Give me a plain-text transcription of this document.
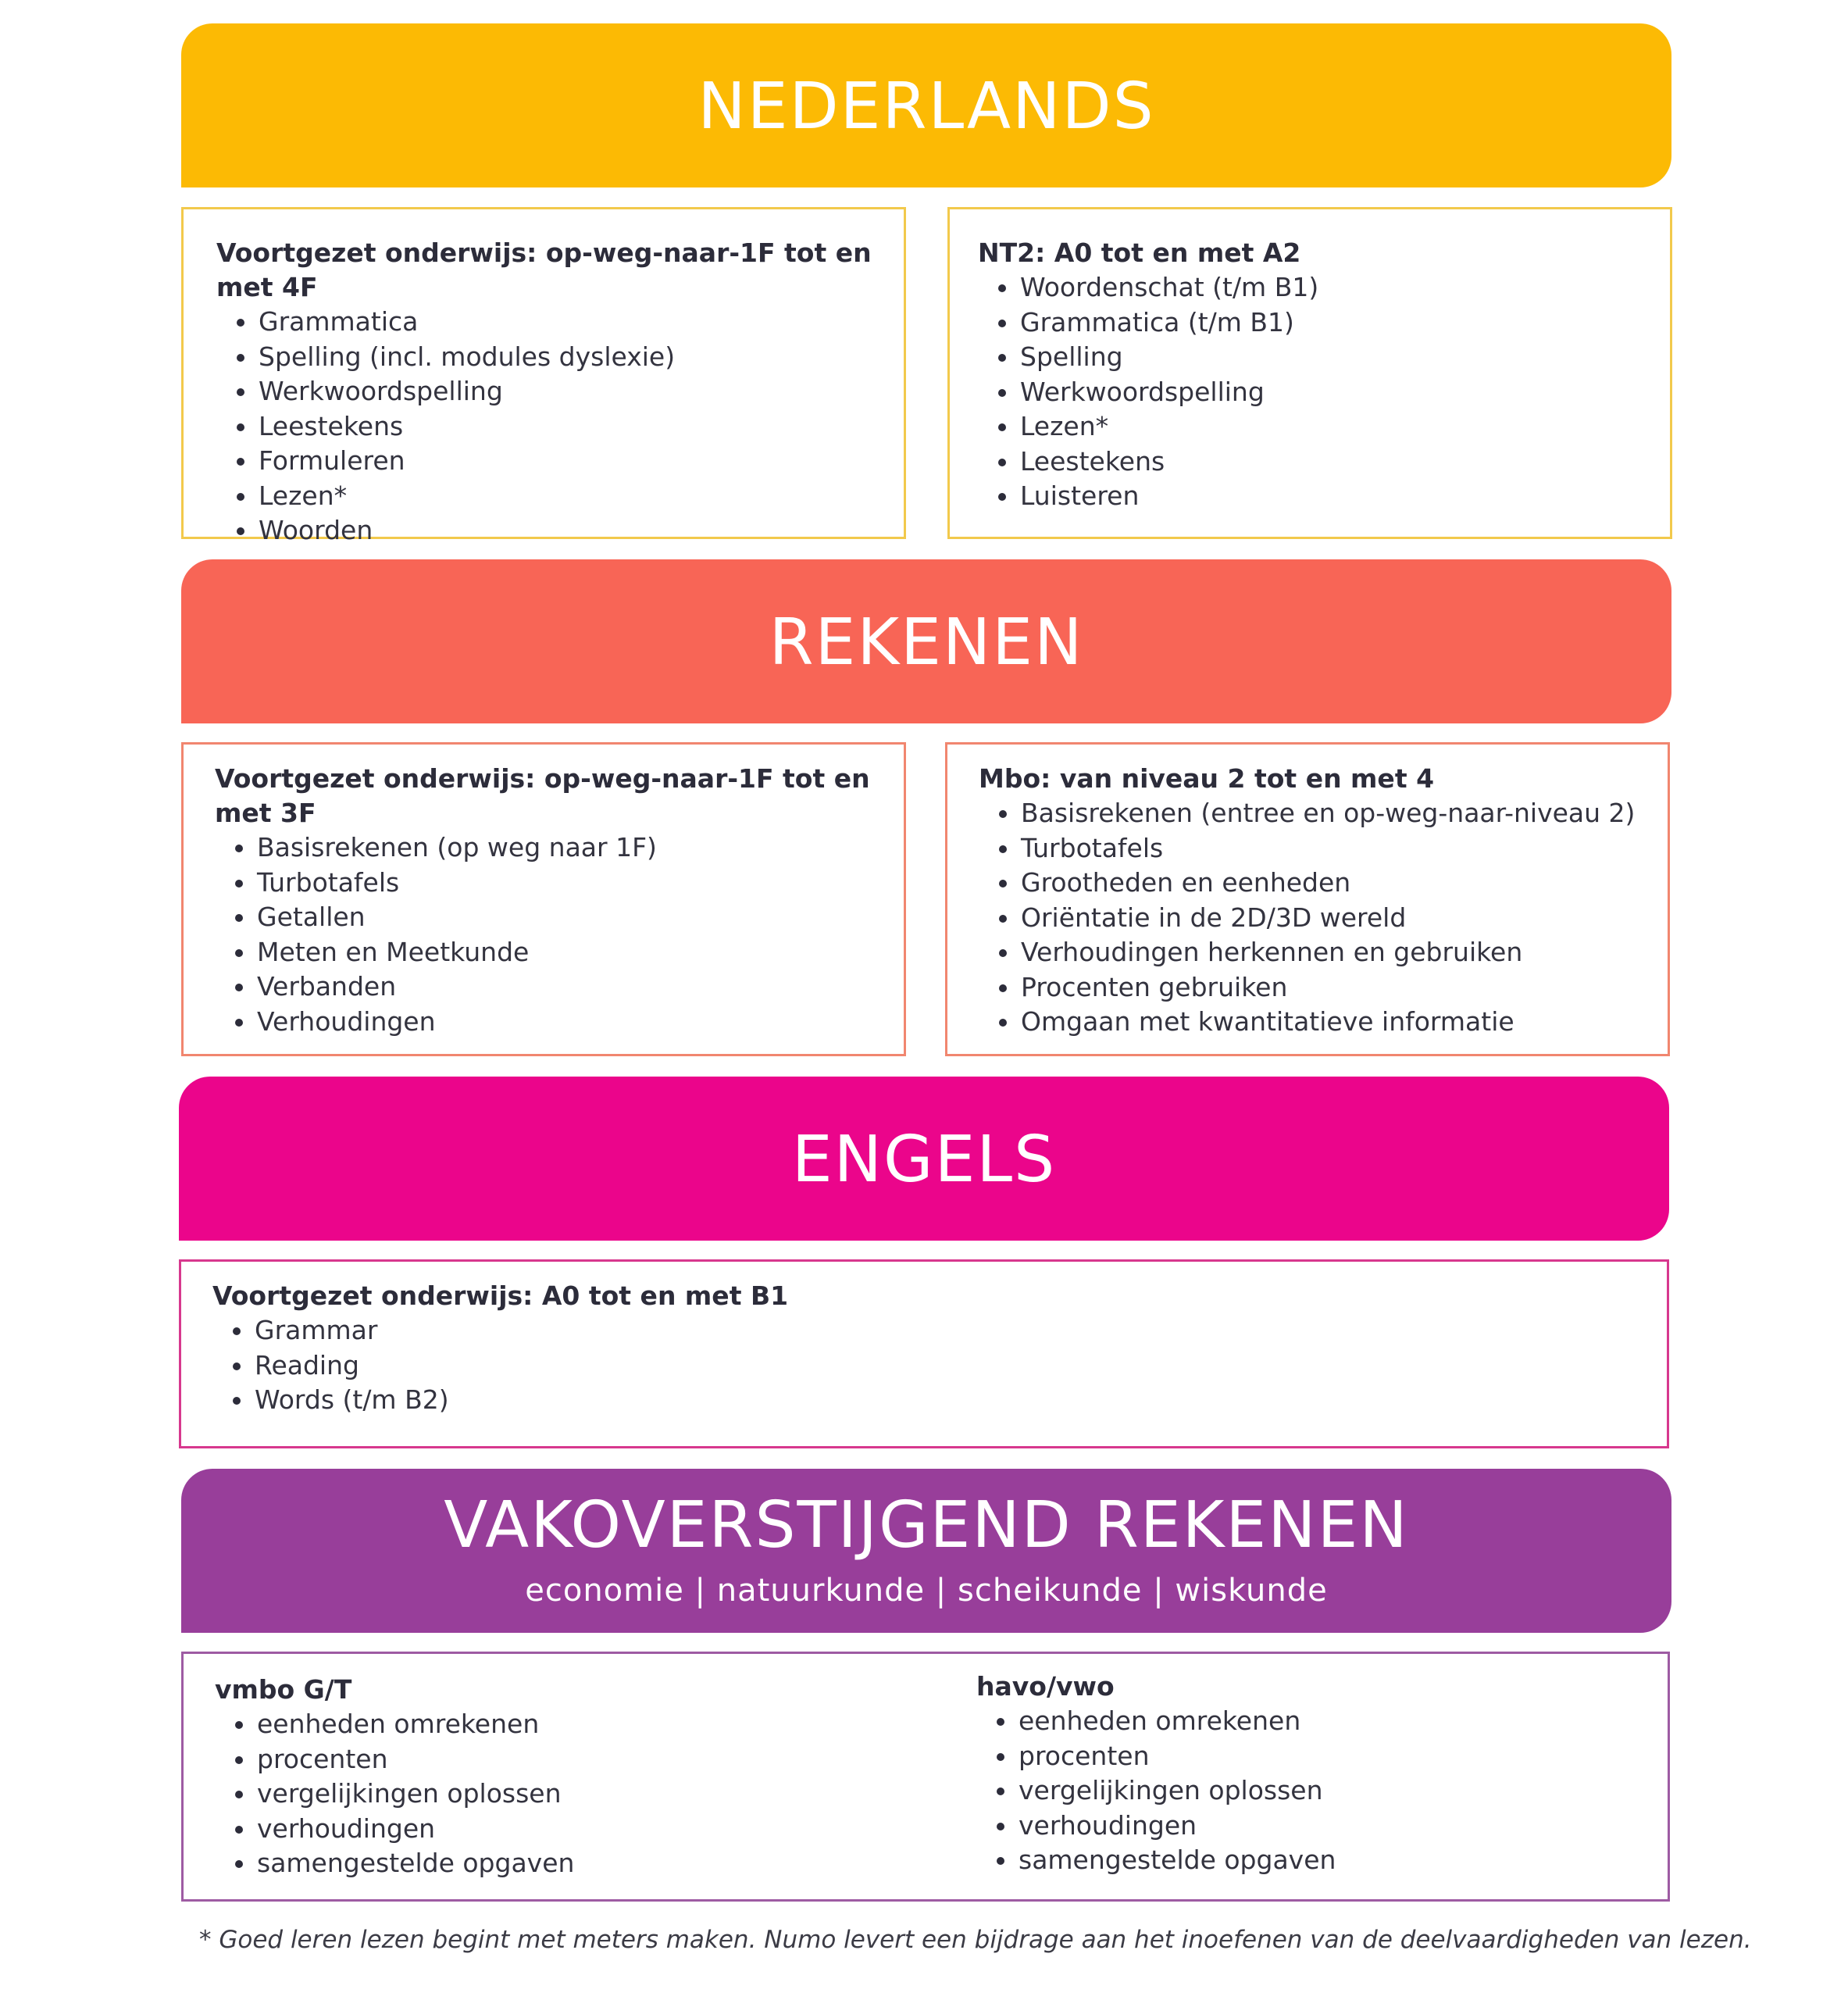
NEDERLANDS

Voortgezet onderwijs: op-weg-naar-1F tot en met 4F

Grammatica
Spelling (incl. modules dyslexie)
Werkwoordspelling
Leestekens
Formuleren
Lezen*
Woorden

NT2: A0 tot en met A2

Woordenschat (t/m B1)
Grammatica (t/m B1)
Spelling
Werkwoordspelling
Lezen*
Leestekens
Luisteren
REKENEN

Voortgezet onderwijs: op-weg-naar-1F tot en met 3F

Basisrekenen (op weg naar 1F)
Turbotafels
Getallen
Meten en Meetkunde
Verbanden
Verhoudingen

Mbo: van niveau 2 tot en met 4

Basisrekenen (entree en op-weg-naar-niveau 2)
Turbotafels
Grootheden en eenheden
Oriëntatie in de 2D/3D wereld
Verhoudingen herkennen en gebruiken
Procenten gebruiken
Omgaan met kwantitatieve informatie
ENGELS

Voortgezet onderwijs: A0 tot en met B1

Grammar
Reading
Words (t/m B2)
VAKOVERSTIJGEND REKENEN
economie | natuurkunde | scheikunde | wiskunde

vmbo G/T

eenheden omrekenen
procenten
vergelijkingen oplossen
verhoudingen
samengestelde opgaven

havo/vwo

eenheden omrekenen
procenten
vergelijkingen oplossen
verhoudingen
samengestelde opgaven
* Goed leren lezen begint met meters maken. Numo levert een bijdrage aan het inoefenen van de deelvaardigheden van lezen.
